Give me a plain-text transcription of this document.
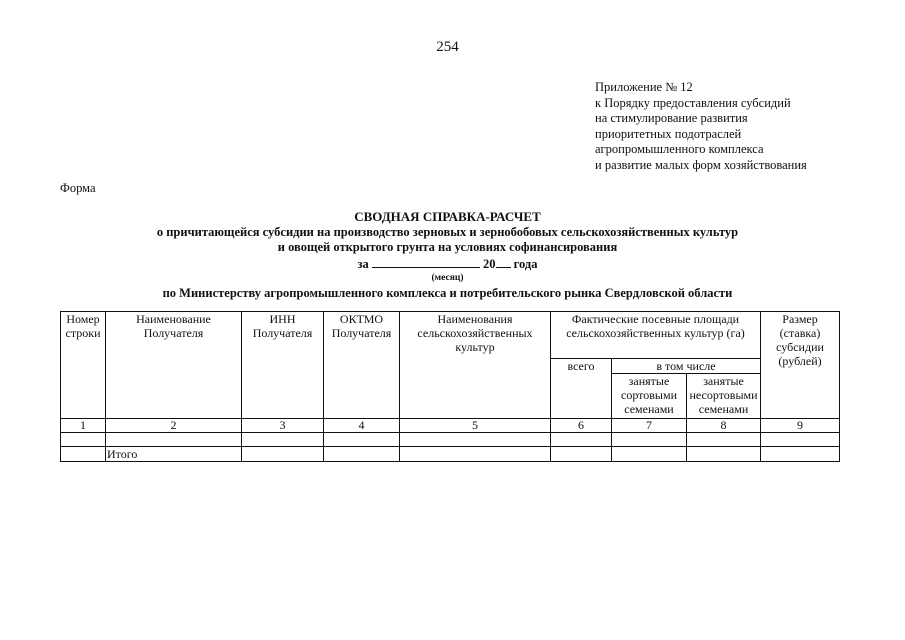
254
Приложение № 12
к Порядку предоставления субсидий
на стимулирование развития
приоритетных подотраслей
агропромышленного комплекса
и развитие малых форм хозяйствования
Форма
СВОДНАЯ СПРАВКА-РАСЧЕТ
о причитающейся субсидии на производство зерновых и зернобобовых сельскохозяйственных культур
и овощей открытого грунта на условиях софинансирования
за	20 года
(месяц)
по Министерству агропромышленного комплекса и потребительского рынка Свердловской области
Номер строки	Наименование Получателя	ИНН Получателя	ОКТМО Получателя	Наименования сельскохозяйственных культур	Фактические посевные площади сельскохозяйственных культур (га)			Размер (ставка) субсидии (рублей)
					всего	в том числе		
						занятые сортовыми семенами	занятые несортовыми семенами	
1	2	3	4	5	6	7	8	9

	Итого							
